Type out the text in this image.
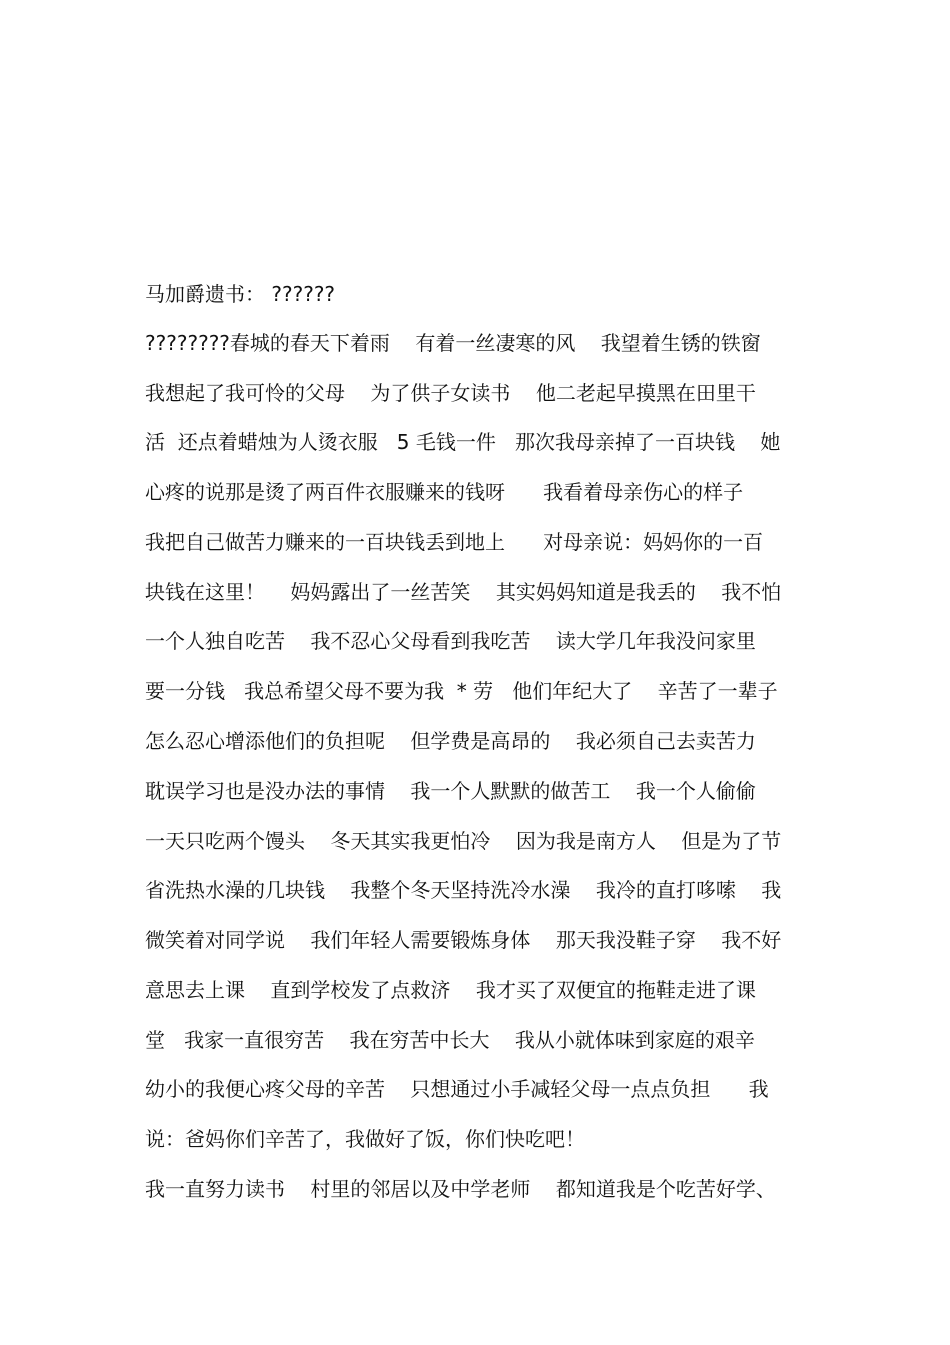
马加爵遗书： ??????
????????春城的春天下着雨    有着一丝凄寒的风    我望着生锈的铁窗
我想起了我可怜的父母    为了供子女读书    他二老起早摸黑在田里干
活  还点着蜡烛为人烫衣服   5 毛钱一件   那次我母亲掉了一百块钱    她
心疼的说那是烫了两百件衣服赚来的钱呀      我看着母亲伤心的样子
我把自己做苦力赚来的一百块钱丢到地上      对母亲说：妈妈你的一百
块钱在这里！    妈妈露出了一丝苦笑    其实妈妈知道是我丢的    我不怕
一个人独自吃苦    我不忍心父母看到我吃苦    读大学几年我没问家里
要一分钱   我总希望父母不要为我  * 劳   他们年纪大了    辛苦了一辈子
怎么忍心增添他们的负担呢    但学费是高昂的    我必须自己去卖苦力
耽误学习也是没办法的事情    我一个人默默的做苦工    我一个人偷偷
一天只吃两个馒头    冬天其实我更怕冷    因为我是南方人    但是为了节
省洗热水澡的几块钱    我整个冬天坚持洗冷水澡    我冷的直打哆嗦    我
微笑着对同学说    我们年轻人需要锻炼身体    那天我没鞋子穿    我不好
意思去上课    直到学校发了点救济    我才买了双便宜的拖鞋走进了课
堂   我家一直很穷苦    我在穷苦中长大    我从小就体味到家庭的艰辛
幼小的我便心疼父母的辛苦    只想通过小手减轻父母一点点负担      我
说：爸妈你们辛苦了，我做好了饭，你们快吃吧！
我一直努力读书    村里的邻居以及中学老师    都知道我是个吃苦好学、
